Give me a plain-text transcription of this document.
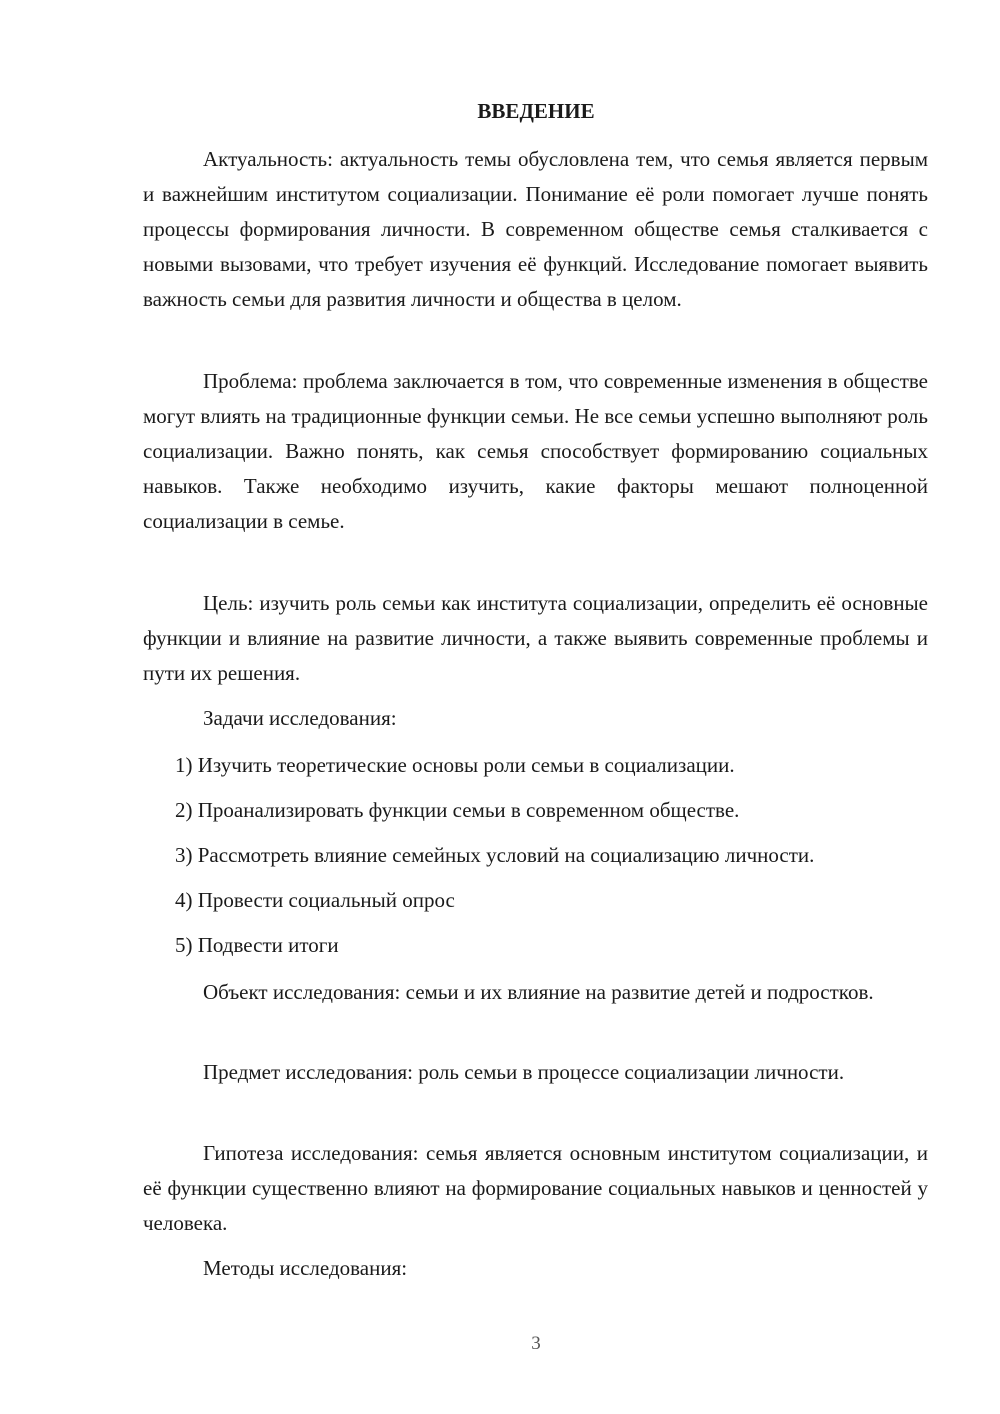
ВВЕДЕНИЕ

Актуальность: актуальность темы обусловлена тем, что семья является первым и важнейшим институтом социализации. Понимание её роли помогает лучше понять процессы формирования личности. В современном обществе семья сталкивается с новыми вызовами, что требует изучения её функций. Исследование помогает выявить важность семьи для развития личности и общества в целом.

Проблема: проблема заключается в том, что современные изменения в обществе могут влиять на традиционные функции семьи. Не все семьи успешно выполняют роль социализации. Важно понять, как семья способствует формированию социальных навыков. Также необходимо изучить, какие факторы мешают полноценной социализации в семье.

Цель: изучить роль семьи как института социализации, определить её основные функции и влияние на развитие личности, а также выявить современные проблемы и пути их решения.

Задачи исследования:

1) Изучить теоретические основы роли семьи в социализации.

2) Проанализировать функции семьи в современном обществе.

3) Рассмотреть влияние семейных условий на социализацию личности.

4) Провести социальный опрос

5) Подвести итоги

Объект исследования: семьи и их влияние на развитие детей и подростков.

Предмет исследования: роль семьи в процессе социализации личности.

Гипотеза исследования: семья является основным институтом социализации, и её функции существенно влияют на формирование социальных навыков и ценностей у человека.

Методы исследования:

3
